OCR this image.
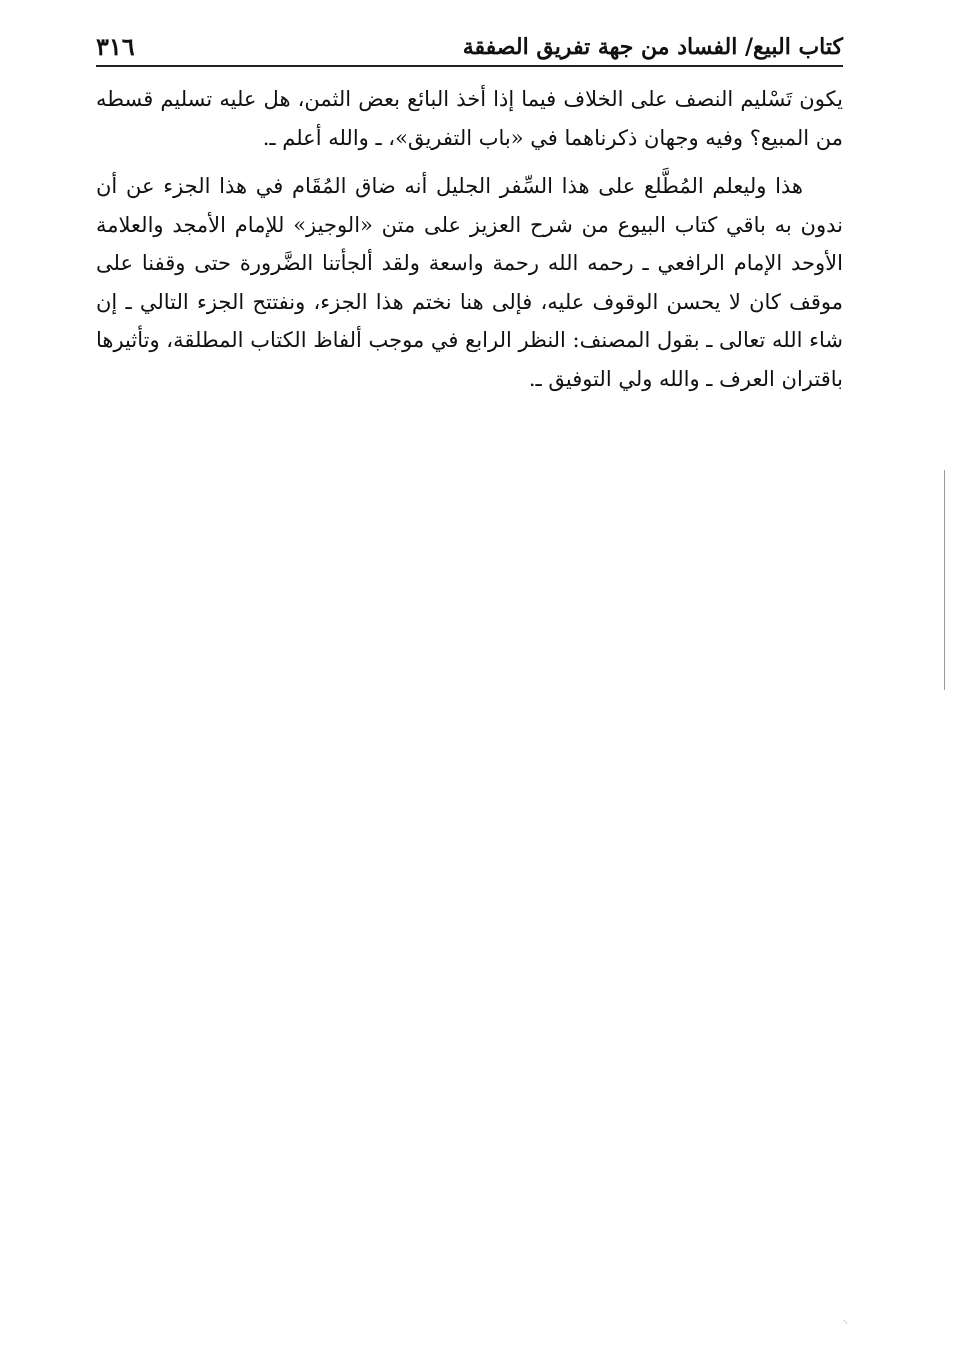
كتاب البيع/ الفساد من جهة تفريق الصفقة
٣١٦

يكون تَسْليم النصف على الخلاف فيما إذا أخذ البائع بعض الثمن، هل عليه تسليم قسطه من المبيع؟ وفيه وجهان ذكرناهما في «باب التفريق»، ـ والله أعلم ـ.

هذا وليعلم المُطَّلع على هذا السِّفر الجليل أنه ضاق المُقَام في هذا الجزء عن أن ندون به باقي كتاب البيوع من شرح العزيز على متن «الوجيز» للإمام الأمجد والعلامة الأوحد الإمام الرافعي ـ رحمه الله رحمة واسعة ولقد ألجأتنا الضَّرورة حتى وقفنا على موقف كان لا يحسن الوقوف عليه، فإلى هنا نختم هذا الجزء، ونفتتح الجزء التالي ـ إن شاء الله تعالى ـ بقول المصنف: النظر الرابع في موجب ألفاظ الكتاب المطلقة، وتأثيرها باقتران العرف ـ والله ولي التوفيق ـ.

⸝
